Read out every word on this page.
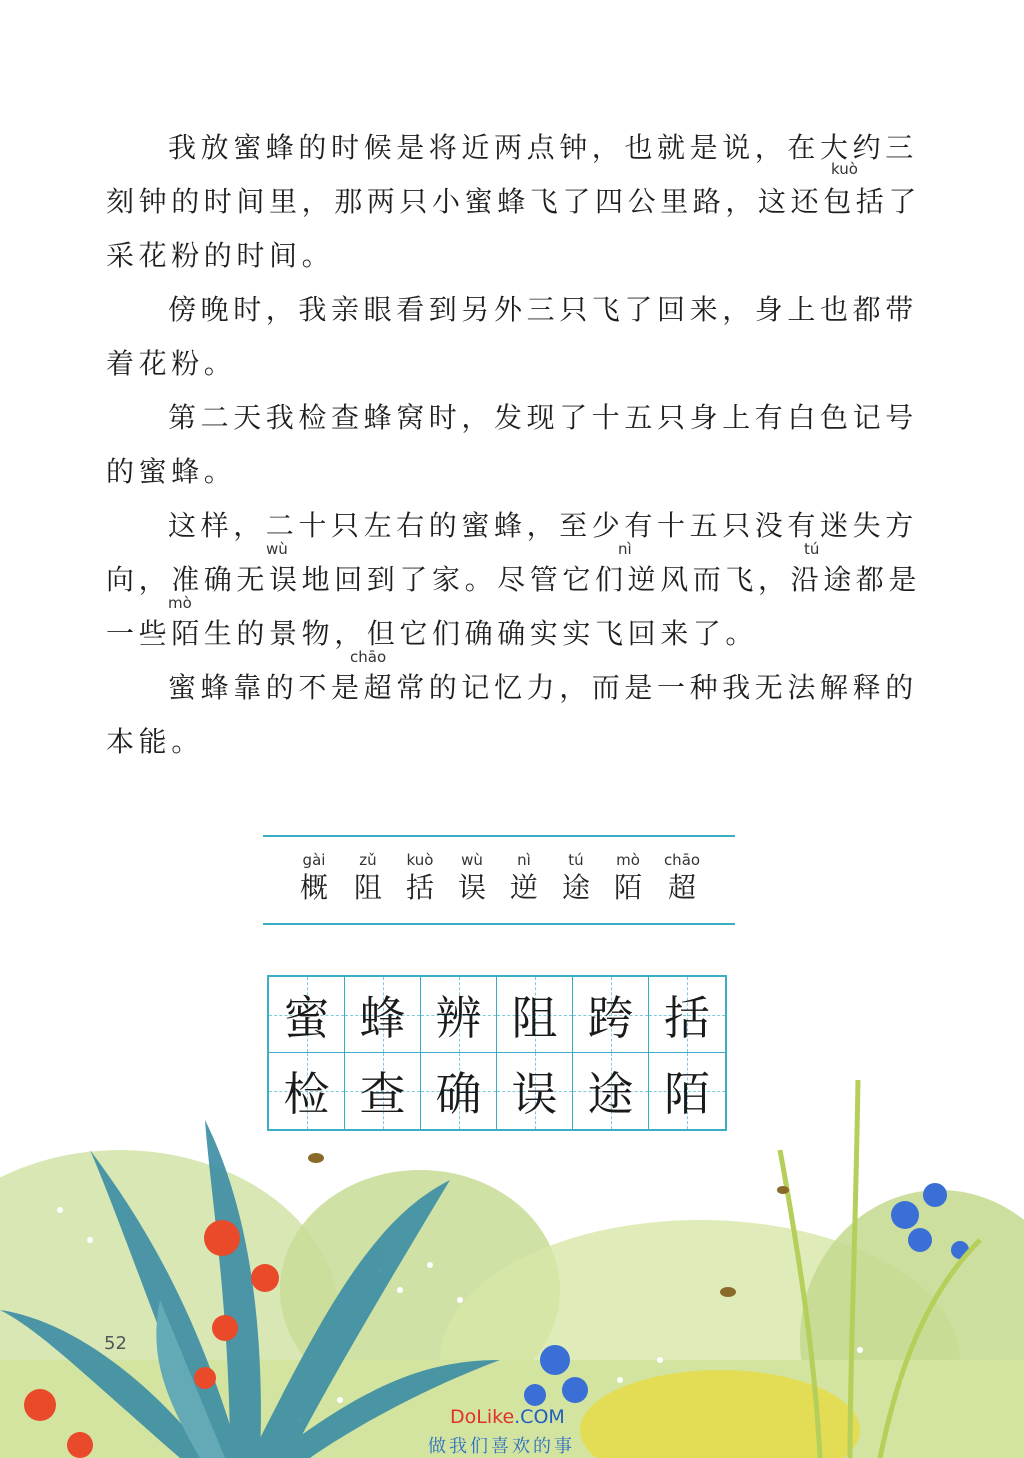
我放蜜蜂的时候是将近两点钟，也就是说，在大约三
kuò
刻钟的时间里，那两只小蜜蜂飞了四公里路，这还包括了
采花粉的时间。
傍晚时，我亲眼看到另外三只飞了回来，身上也都带
着花粉。
第二天我检查蜂窝时，发现了十五只身上有白色记号
的蜜蜂。
这样，二十只左右的蜜蜂，至少有十五只没有迷失方
wù	nì	tú
向，准确无误地回到了家。尽管它们逆风而飞，沿途都是
mò
一些陌生的景物，但它们确确实实飞回来了。
chāo
蜜蜂靠的不是超常的记忆力，而是一种我无法解释的
本能。
gài
概
zǔ
阻
kuò
括
wù
误
nì
逆
tú
途
mò
陌
chāo
超
蜜 蜂 辨 阻 跨 括
检 查 确 误 途 陌
52
DoLike.COM
做我们喜欢的事
